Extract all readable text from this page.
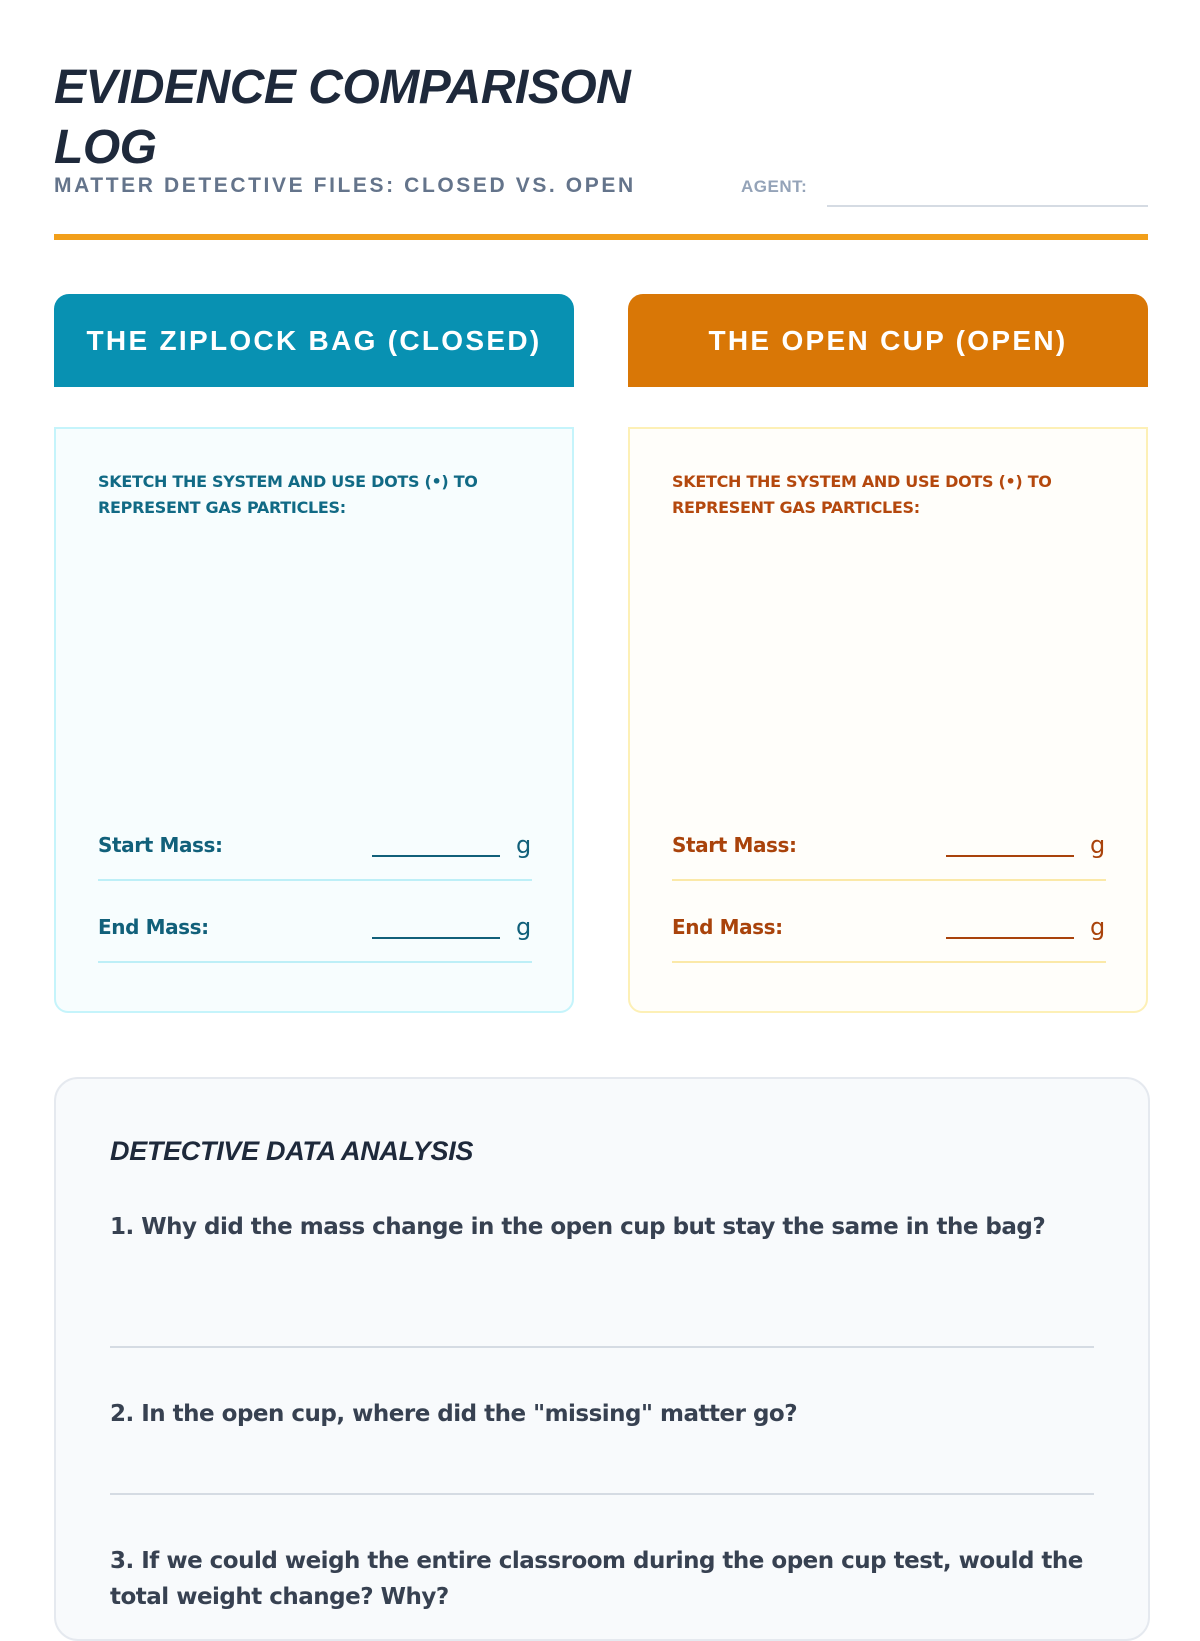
EVIDENCE COMPARISON LOG

MATTER DETECTIVE FILES: CLOSED VS. OPEN	AGENT:
THE ZIPLOCK BAG (CLOSED)

SKETCH THE SYSTEM AND USE DOTS (•) TO REPRESENT GAS PARTICLES:

Start Mass:	g
End Mass:	g
THE OPEN CUP (OPEN)

SKETCH THE SYSTEM AND USE DOTS (•) TO REPRESENT GAS PARTICLES:

Start Mass:	g
End Mass:	g
DETECTIVE DATA ANALYSIS

1. Why did the mass change in the open cup but stay the same in the bag?

2. In the open cup, where did the "missing" matter go?

3. If we could weigh the entire classroom during the open cup test, would the total weight change? Why?
